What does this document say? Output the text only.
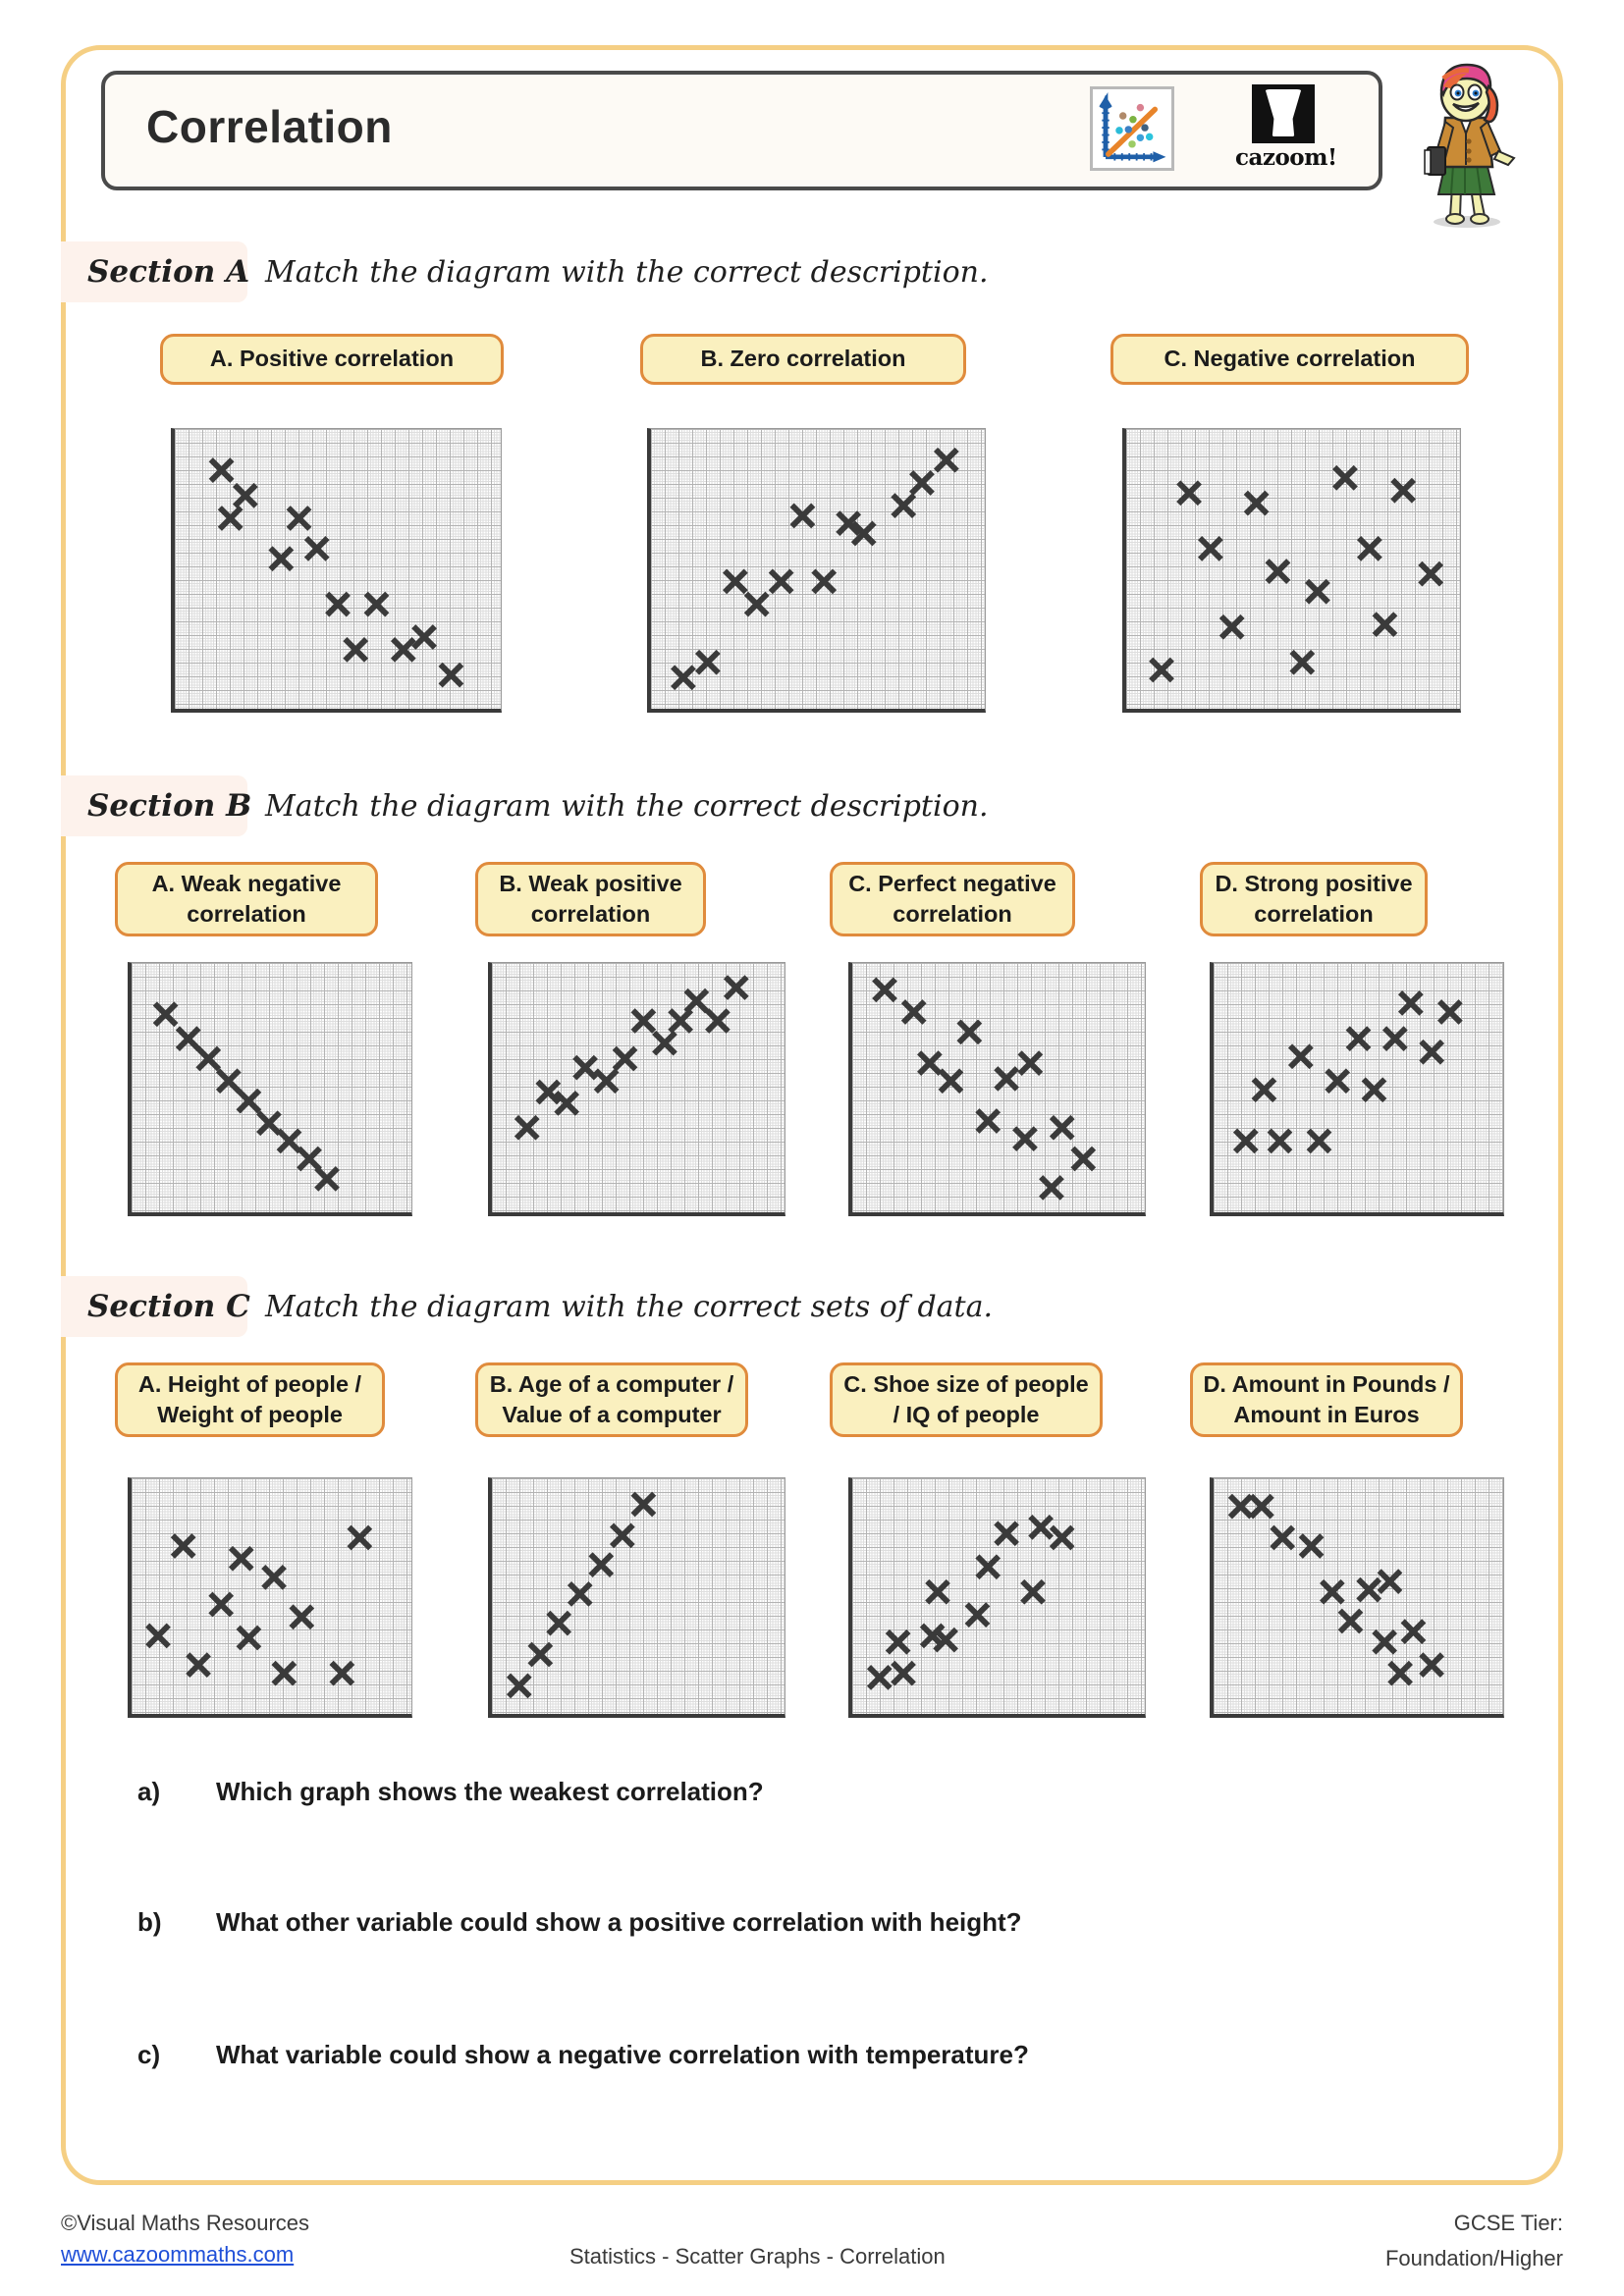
Correlation
cazoom!
Section A Match the diagram with the correct description.
A. Positive correlation	B. Zero correlation	C. Negative correlation
Section B Match the diagram with the correct description.
A. Weak negative correlation
B. Weak positive correlation
C. Perfect negative correlation
D. Strong positive correlation
Section C Match the diagram with the correct sets of data.
A. Height of people / Weight of people
B. Age of a computer / Value of a computer
C. Shoe size of people / IQ of people
D. Amount in Pounds / Amount in Euros
a) Which graph shows the weakest correlation?
b) What other variable could show a positive correlation with height?
c) What variable could show a negative correlation with temperature?
©Visual Maths Resources
www.cazoommaths.com	Statistics - Scatter Graphs - Correlation
GCSE Tier:
Foundation/Higher
